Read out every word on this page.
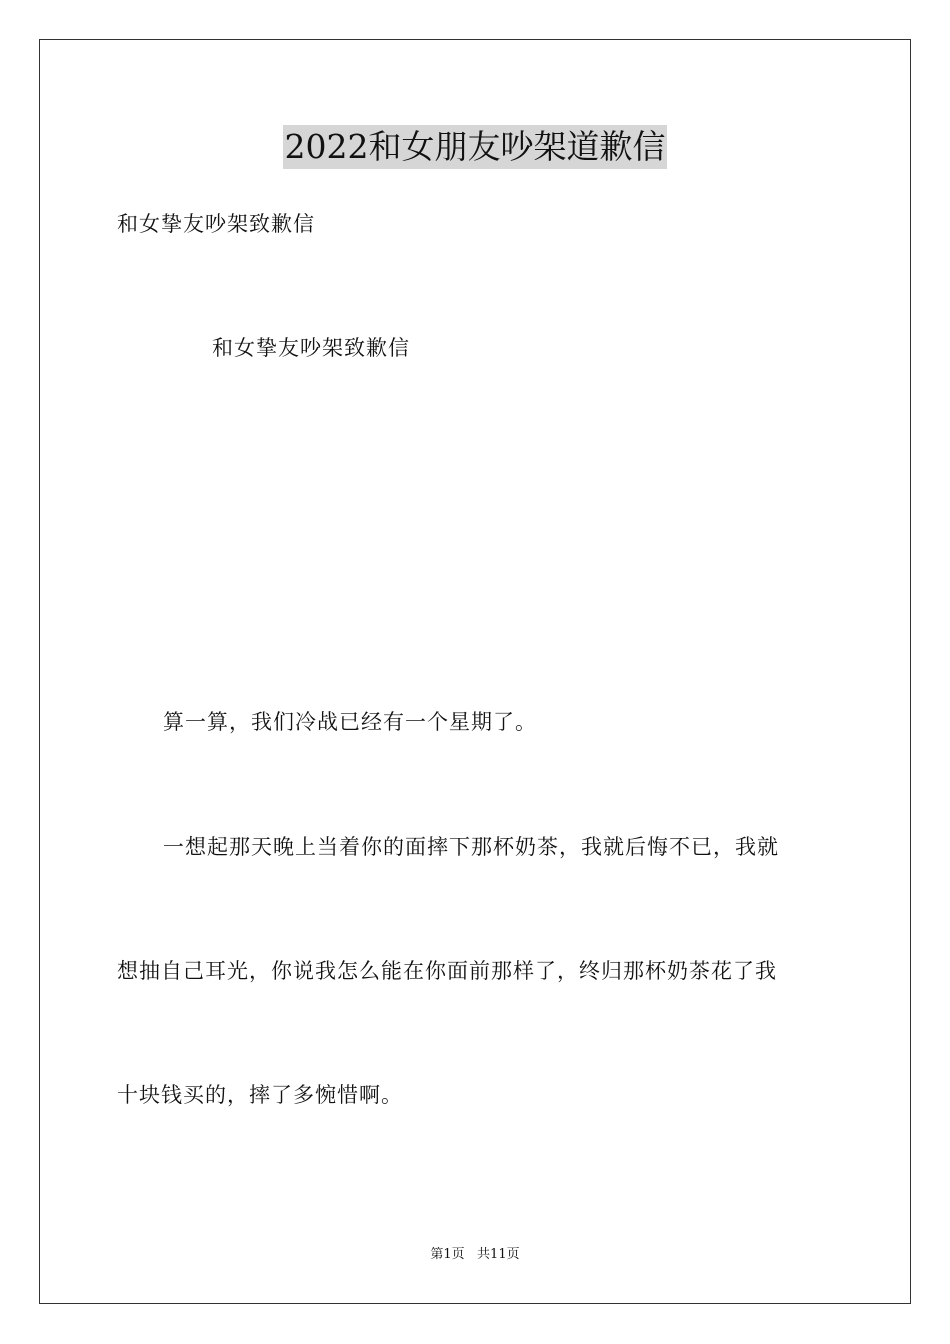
2022和女朋友吵架道歉信
和女挚友吵架致歉信
和女挚友吵架致歉信
算一算，我们冷战已经有一个星期了。
一想起那天晚上当着你的面摔下那杯奶茶，我就后悔不已，我就
想抽自己耳光，你说我怎么能在你面前那样了，终归那杯奶茶花了我
十块钱买的，摔了多惋惜啊。
第1页   共11页
